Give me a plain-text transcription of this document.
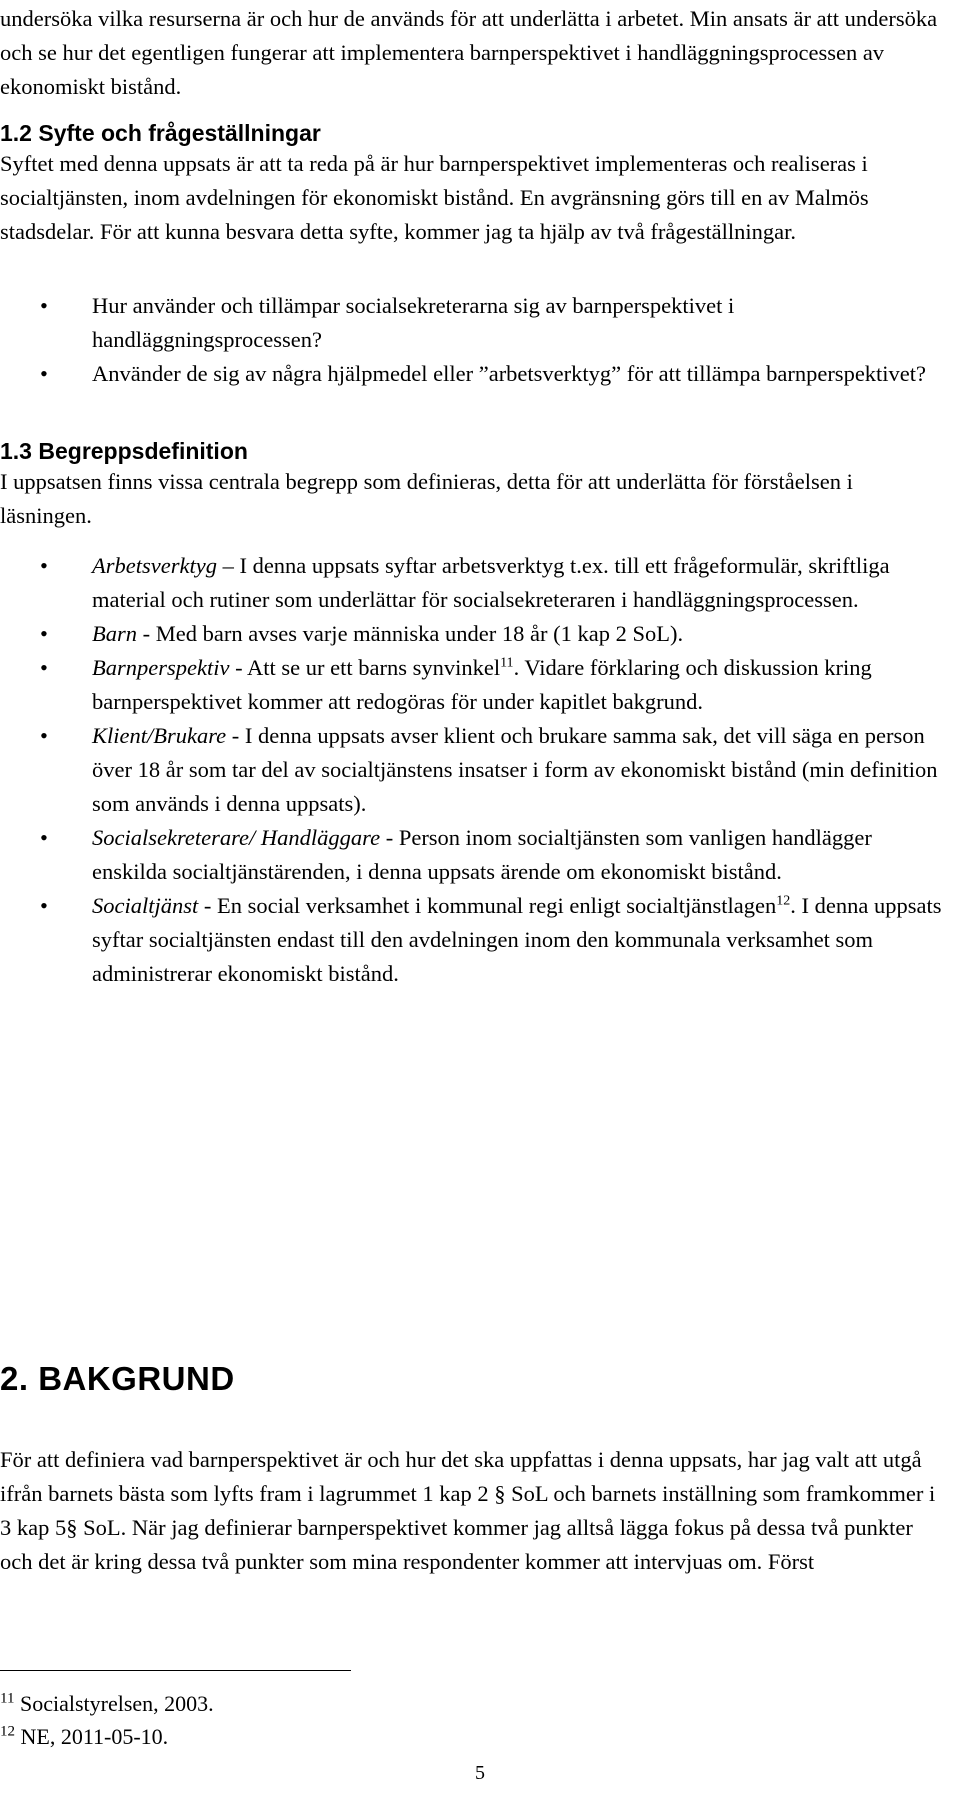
undersöka vilka resurserna är och hur de används för att underlätta i arbetet. Min ansats är att undersöka och se hur det egentligen fungerar att implementera barnperspektivet i handläggningsprocessen av ekonomiskt bistånd.

1.2 Syfte och frågeställningar

Syftet med denna uppsats är att ta reda på är hur barnperspektivet implementeras och realiseras i socialtjänsten, inom avdelningen för ekonomiskt bistånd. En avgränsning görs till en av Malmös stadsdelar. För att kunna besvara detta syfte, kommer jag ta hjälp av två frågeställningar.

• Hur använder och tillämpar socialsekreterarna sig av barnperspektivet i handläggningsprocessen?
• Använder de sig av några hjälpmedel eller ”arbetsverktyg” för att tillämpa barnperspektivet?
1.3 Begreppsdefinition

I uppsatsen finns vissa centrala begrepp som definieras, detta för att underlätta för förståelsen i läsningen.

• Arbetsverktyg – I denna uppsats syftar arbetsverktyg t.ex. till ett frågeformulär, skriftliga material och rutiner som underlättar för socialsekreteraren i handläggningsprocessen.
• Barn - Med barn avses varje människa under 18 år (1 kap 2 SoL).
• Barnperspektiv - Att se ur ett barns synvinkel$^{11}$. Vidare förklaring och diskussion kring barnperspektivet kommer att redogöras för under kapitlet bakgrund.
• Klient/Brukare - I denna uppsats avser klient och brukare samma sak, det vill säga en person över 18 år som tar del av socialtjänstens insatser i form av ekonomiskt bistånd (min definition som används i denna uppsats).
• Socialsekreterare/ Handläggare - Person inom socialtjänsten som vanligen handlägger enskilda socialtjänstärenden, i denna uppsats ärende om ekonomiskt bistånd.
• Socialtjänst - En social verksamhet i kommunal regi enligt socialtjänstlagen$^{12}$. I denna uppsats syftar socialtjänsten endast till den avdelningen inom den kommunala verksamhet som administrerar ekonomiskt bistånd.
2. BAKGRUND

För att definiera vad barnperspektivet är och hur det ska uppfattas i denna uppsats, har jag valt att utgå ifrån barnets bästa som lyfts fram i lagrummet 1 kap 2 § SoL och barnets inställning som framkommer i 3 kap 5§ SoL. När jag definierar barnperspektivet kommer jag alltså lägga fokus på dessa två punkter och det är kring dessa två punkter som mina respondenter kommer att intervjuas om. Först

$^{11}$ Socialstyrelsen, 2003.
$^{12}$ NE, 2011-05-10.
5
